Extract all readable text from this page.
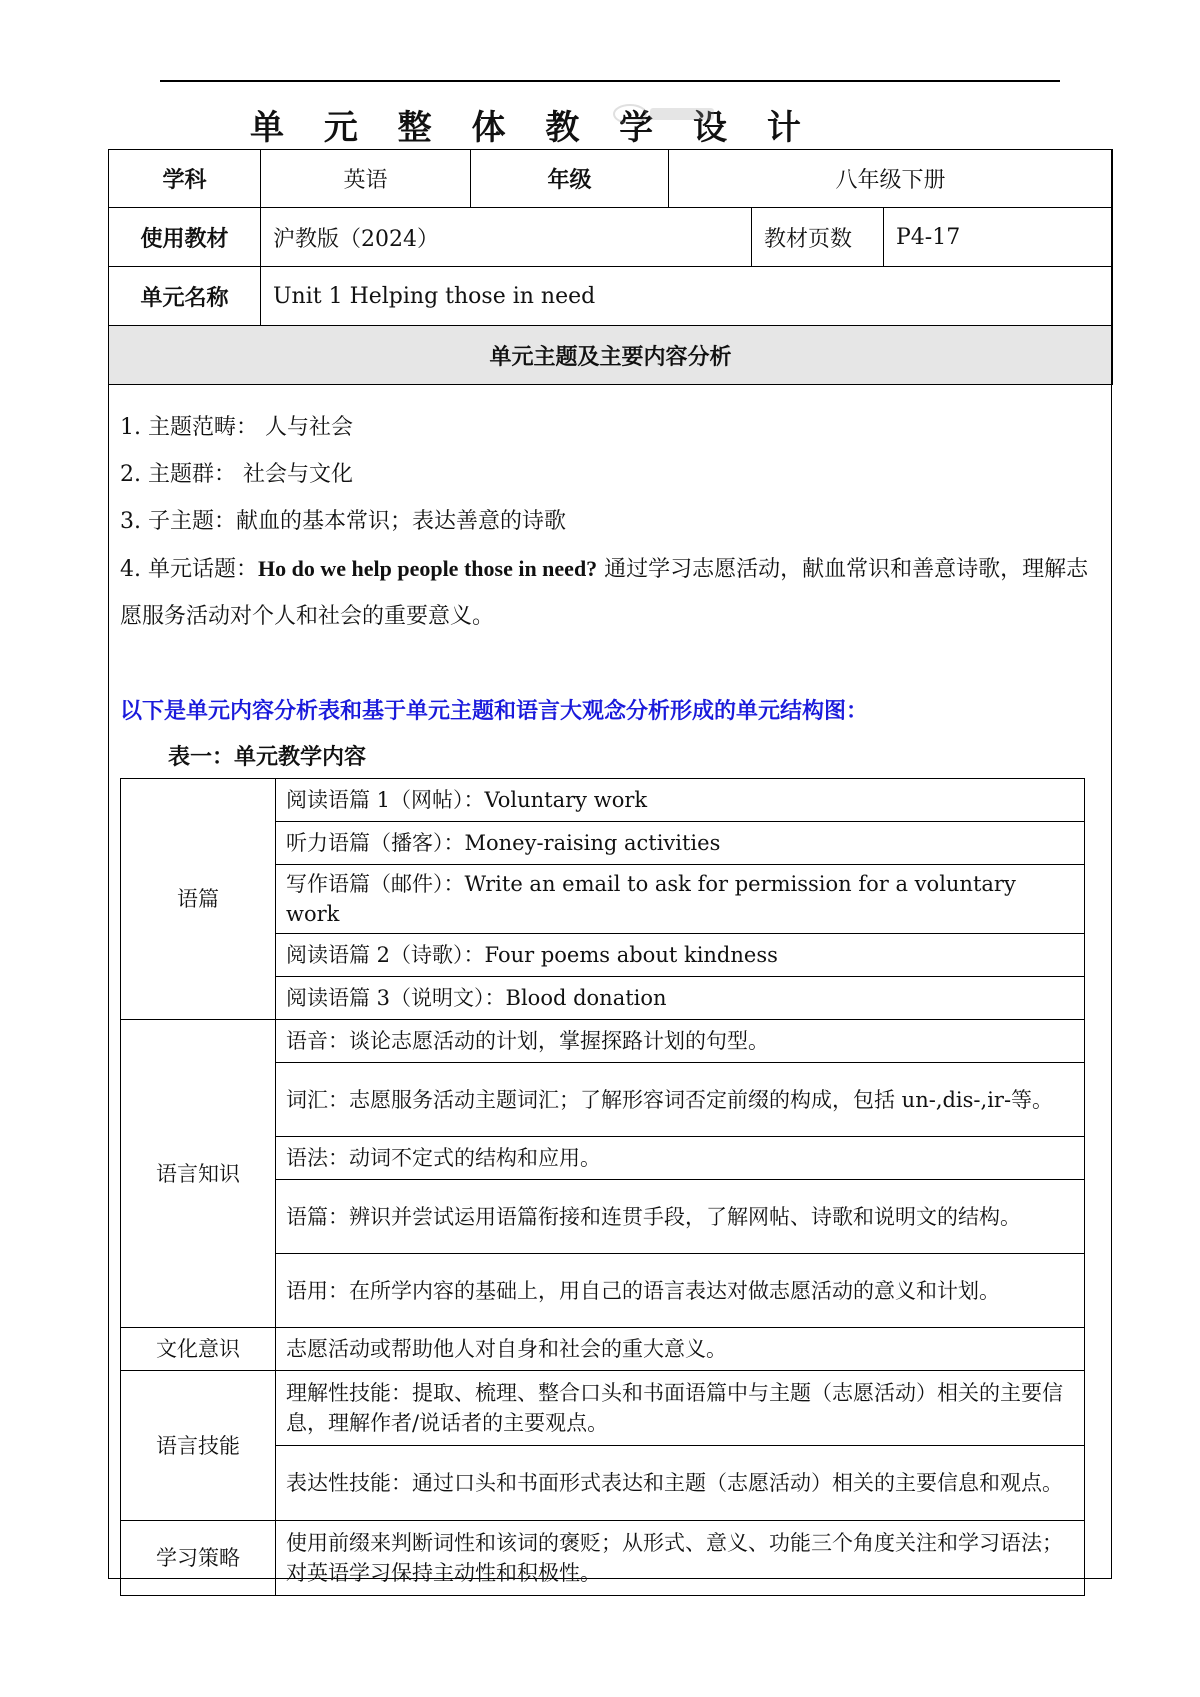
单 元 整 体 教 学 设 计
学科	英语	年级	八年级下册		
使用教材	沪教版（2024）			教材页数	P4-17
单元名称	Unit 1 Helping those in need				
单元主题及主要内容分析					

1. 主题范畴： 人与社会

2. 主题群： 社会与文化

3. 子主题：献血的基本常识；表达善意的诗歌

4. 单元话题：Ho do we help people those in need? 通过学习志愿活动，献血常识和善意诗歌，理解志愿服务活动对个人和社会的重要意义。

以下是单元内容分析表和基于单元主题和语言大观念分析形成的单元结构图：
表一：单元教学内容
语篇	阅读语篇 1（网帖）：Voluntary work
	听力语篇（播客）：Money-raising activities
	写作语篇（邮件）：Write an email to ask for permission for a voluntary work
	阅读语篇 2（诗歌）：Four poems about kindness
	阅读语篇 3（说明文）：Blood donation
语言知识	语音：谈论志愿活动的计划，掌握探路计划的句型。
	词汇：志愿服务活动主题词汇；了解形容词否定前缀的构成，包括 un-,dis-,ir-等。
	语法：动词不定式的结构和应用。
	语篇：辨识并尝试运用语篇衔接和连贯手段，了解网帖、诗歌和说明文的结构。
	语用：在所学内容的基础上，用自己的语言表达对做志愿活动的意义和计划。
文化意识	志愿活动或帮助他人对自身和社会的重大意义。
语言技能	理解性技能：提取、梳理、整合口头和书面语篇中与主题（志愿活动）相关的主要信息，理解作者/说话者的主要观点。
	表达性技能：通过口头和书面形式表达和主题（志愿活动）相关的主要信息和观点。
学习策略	使用前缀来判断词性和该词的褒贬；从形式、意义、功能三个角度关注和学习语法；对英语学习保持主动性和积极性。
